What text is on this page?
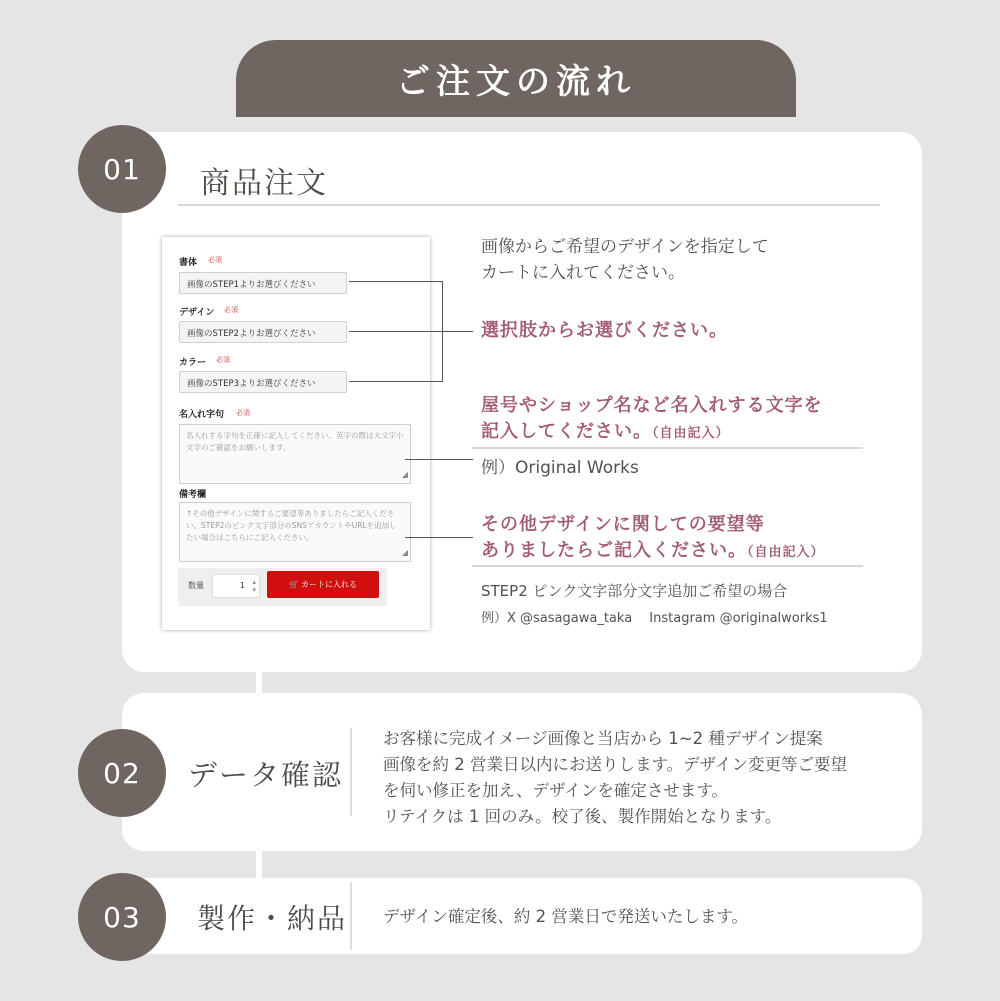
ご注文の流れ
01	商品注文
書体 必須
画像のSTEP1よりお選びください
デザイン 必須
画像のSTEP2よりお選びください
カラー 必須
画像のSTEP3よりお選びください
名入れ字句 必須
名入れする字句を正確に記入してください。英字の際は大文字小文字のご確認をお願いします。
◢
備考欄
↑その他デザインに関するご要望等ありましたらご記入ください。STEP2のピンク文字部分のSNSアカウントやURLを追加したい場合はこちらにご記入ください。
◢
数量	1 ▴
▾
🛒 カートに入れる
画像からご希望のデザインを指定して
カートに入れてください。
選択肢からお選びください。
屋号やショップ名など名入れする文字を
記入してください。（自由記入）
例）Original Works
その他デザインに関しての要望等
ありましたらご記入ください。（自由記入）
STEP2 ピンク文字部分文字追加ご希望の場合
例）X @sasagawa_taka　 Instagram @originalworks1
02	データ確認
お客様に完成イメージ画像と当店から 1~2 種デザイン提案
画像を約 2 営業日以内にお送りします。デザイン変更等ご要望
を伺い修正を加え、デザインを確定させます。
リテイクは 1 回のみ。校了後、製作開始となります。
03	製作・納品 デザイン確定後、約 2 営業日で発送いたします。
